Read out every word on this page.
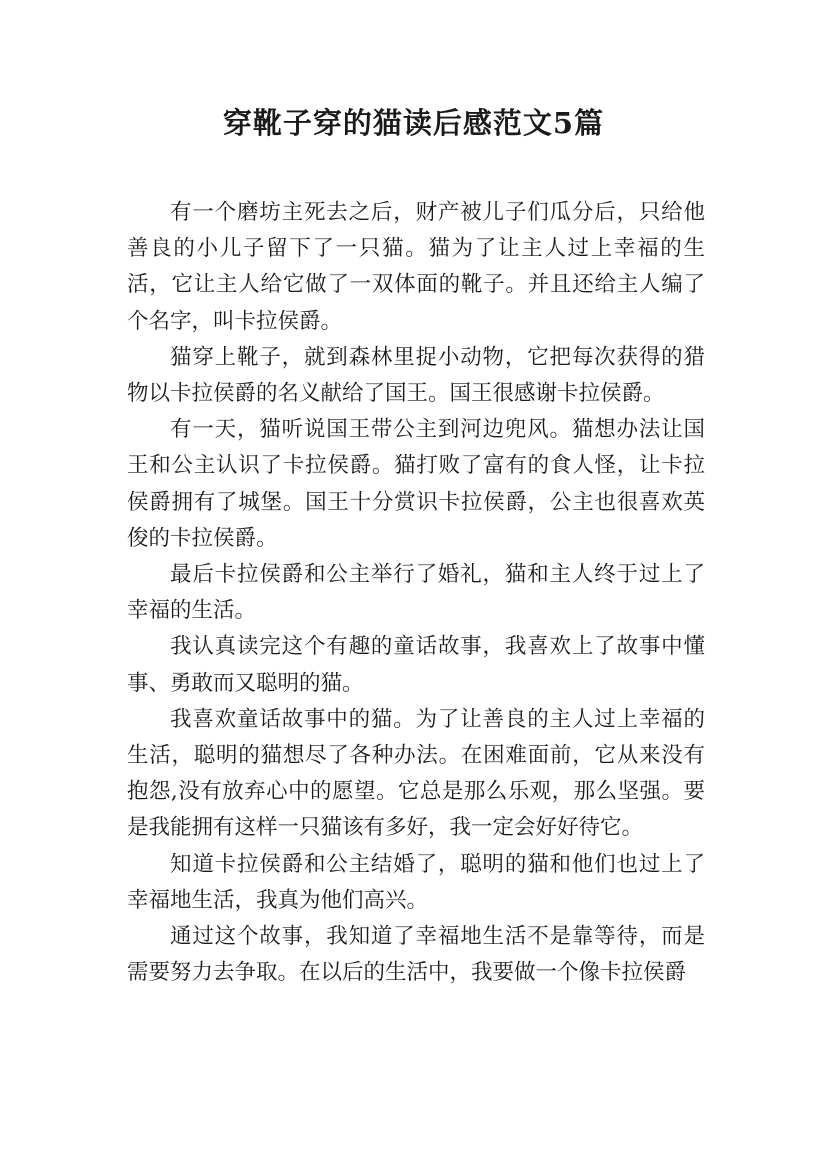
穿靴子穿的猫读后感范文5篇

有一个磨坊主死去之后，财产被儿子们瓜分后，只给他善良的小儿子留下了一只猫。猫为了让主人过上幸福的生活，它让主人给它做了一双体面的靴子。并且还给主人编了个名字，叫卡拉侯爵。

猫穿上靴子，就到森林里捉小动物，它把每次获得的猎物以卡拉侯爵的名义献给了国王。国王很感谢卡拉侯爵。

有一天，猫听说国王带公主到河边兜风。猫想办法让国王和公主认识了卡拉侯爵。猫打败了富有的食人怪，让卡拉侯爵拥有了城堡。国王十分赏识卡拉侯爵，公主也很喜欢英俊的卡拉侯爵。

最后卡拉侯爵和公主举行了婚礼，猫和主人终于过上了幸福的生活。

我认真读完这个有趣的童话故事，我喜欢上了故事中懂事、勇敢而又聪明的猫。

我喜欢童话故事中的猫。为了让善良的主人过上幸福的生活，聪明的猫想尽了各种办法。在困难面前，它从来没有抱怨,没有放弃心中的愿望。它总是那么乐观，那么坚强。要是我能拥有这样一只猫该有多好，我一定会好好待它。

知道卡拉侯爵和公主结婚了，聪明的猫和他们也过上了幸福地生活，我真为他们高兴。

通过这个故事，我知道了幸福地生活不是靠等待，而是需要努力去争取。在以后的生活中，我要做一个像卡拉侯爵
